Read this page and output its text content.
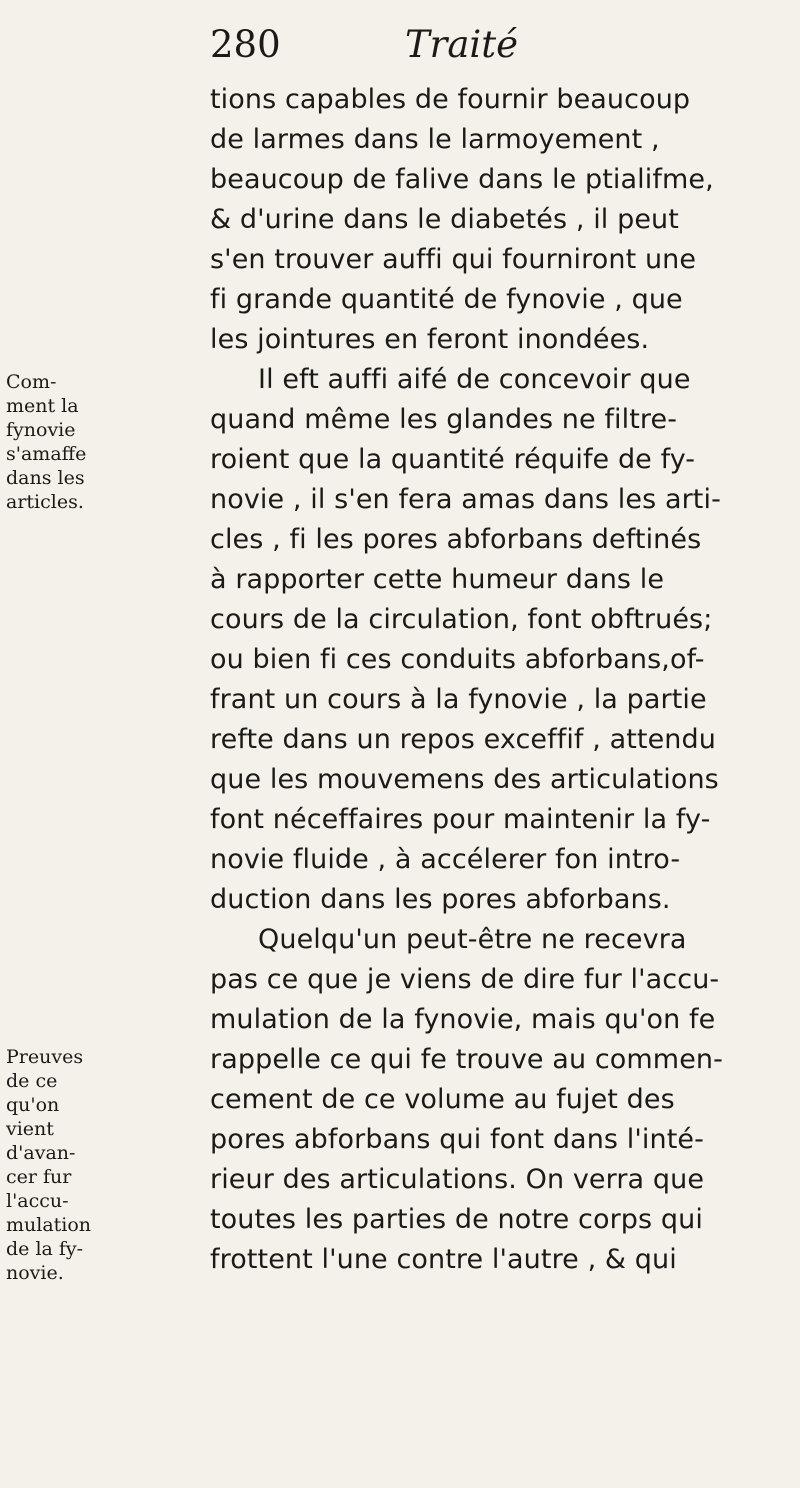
280	Traité
tions capables de fournir beaucoup
de larmes dans le larmoyement ,
beaucoup de falive dans le ptialifme,
& d'urine dans le diabetés , il peut
s'en trouver auffi qui fourniront une
fi grande quantité de fynovie , que
les jointures en feront inondées.
Il eft auffi aifé de concevoir que
quand même les glandes ne filtre-
roient que la quantité réquife de fy-
novie , il s'en fera amas dans les arti-
cles , fi les pores abforbans deftinés
à rapporter cette humeur dans le
cours de la circulation, font obftrués;
ou bien fi ces conduits abforbans,of-
frant un cours à la fynovie , la partie
refte dans un repos exceffif , attendu
que les mouvemens des articulations
font néceffaires pour maintenir la fy-
novie fluide , à accélerer fon intro-
duction dans les pores abforbans.
Quelqu'un peut-être ne recevra
pas ce que je viens de dire fur l'accu-
mulation de la fynovie, mais qu'on fe
rappelle ce qui fe trouve au commen-
cement de ce volume au fujet des
pores abforbans qui font dans l'inté-
rieur des articulations. On verra que
toutes les parties de notre corps qui
frottent l'une contre l'autre , & qui
Com-
ment la
fynovie
s'amaffe
dans les
articles.
Preuves
de ce
qu'on
vient
d'avan-
cer fur
l'accu-
mulation
de la fy-
novie.
